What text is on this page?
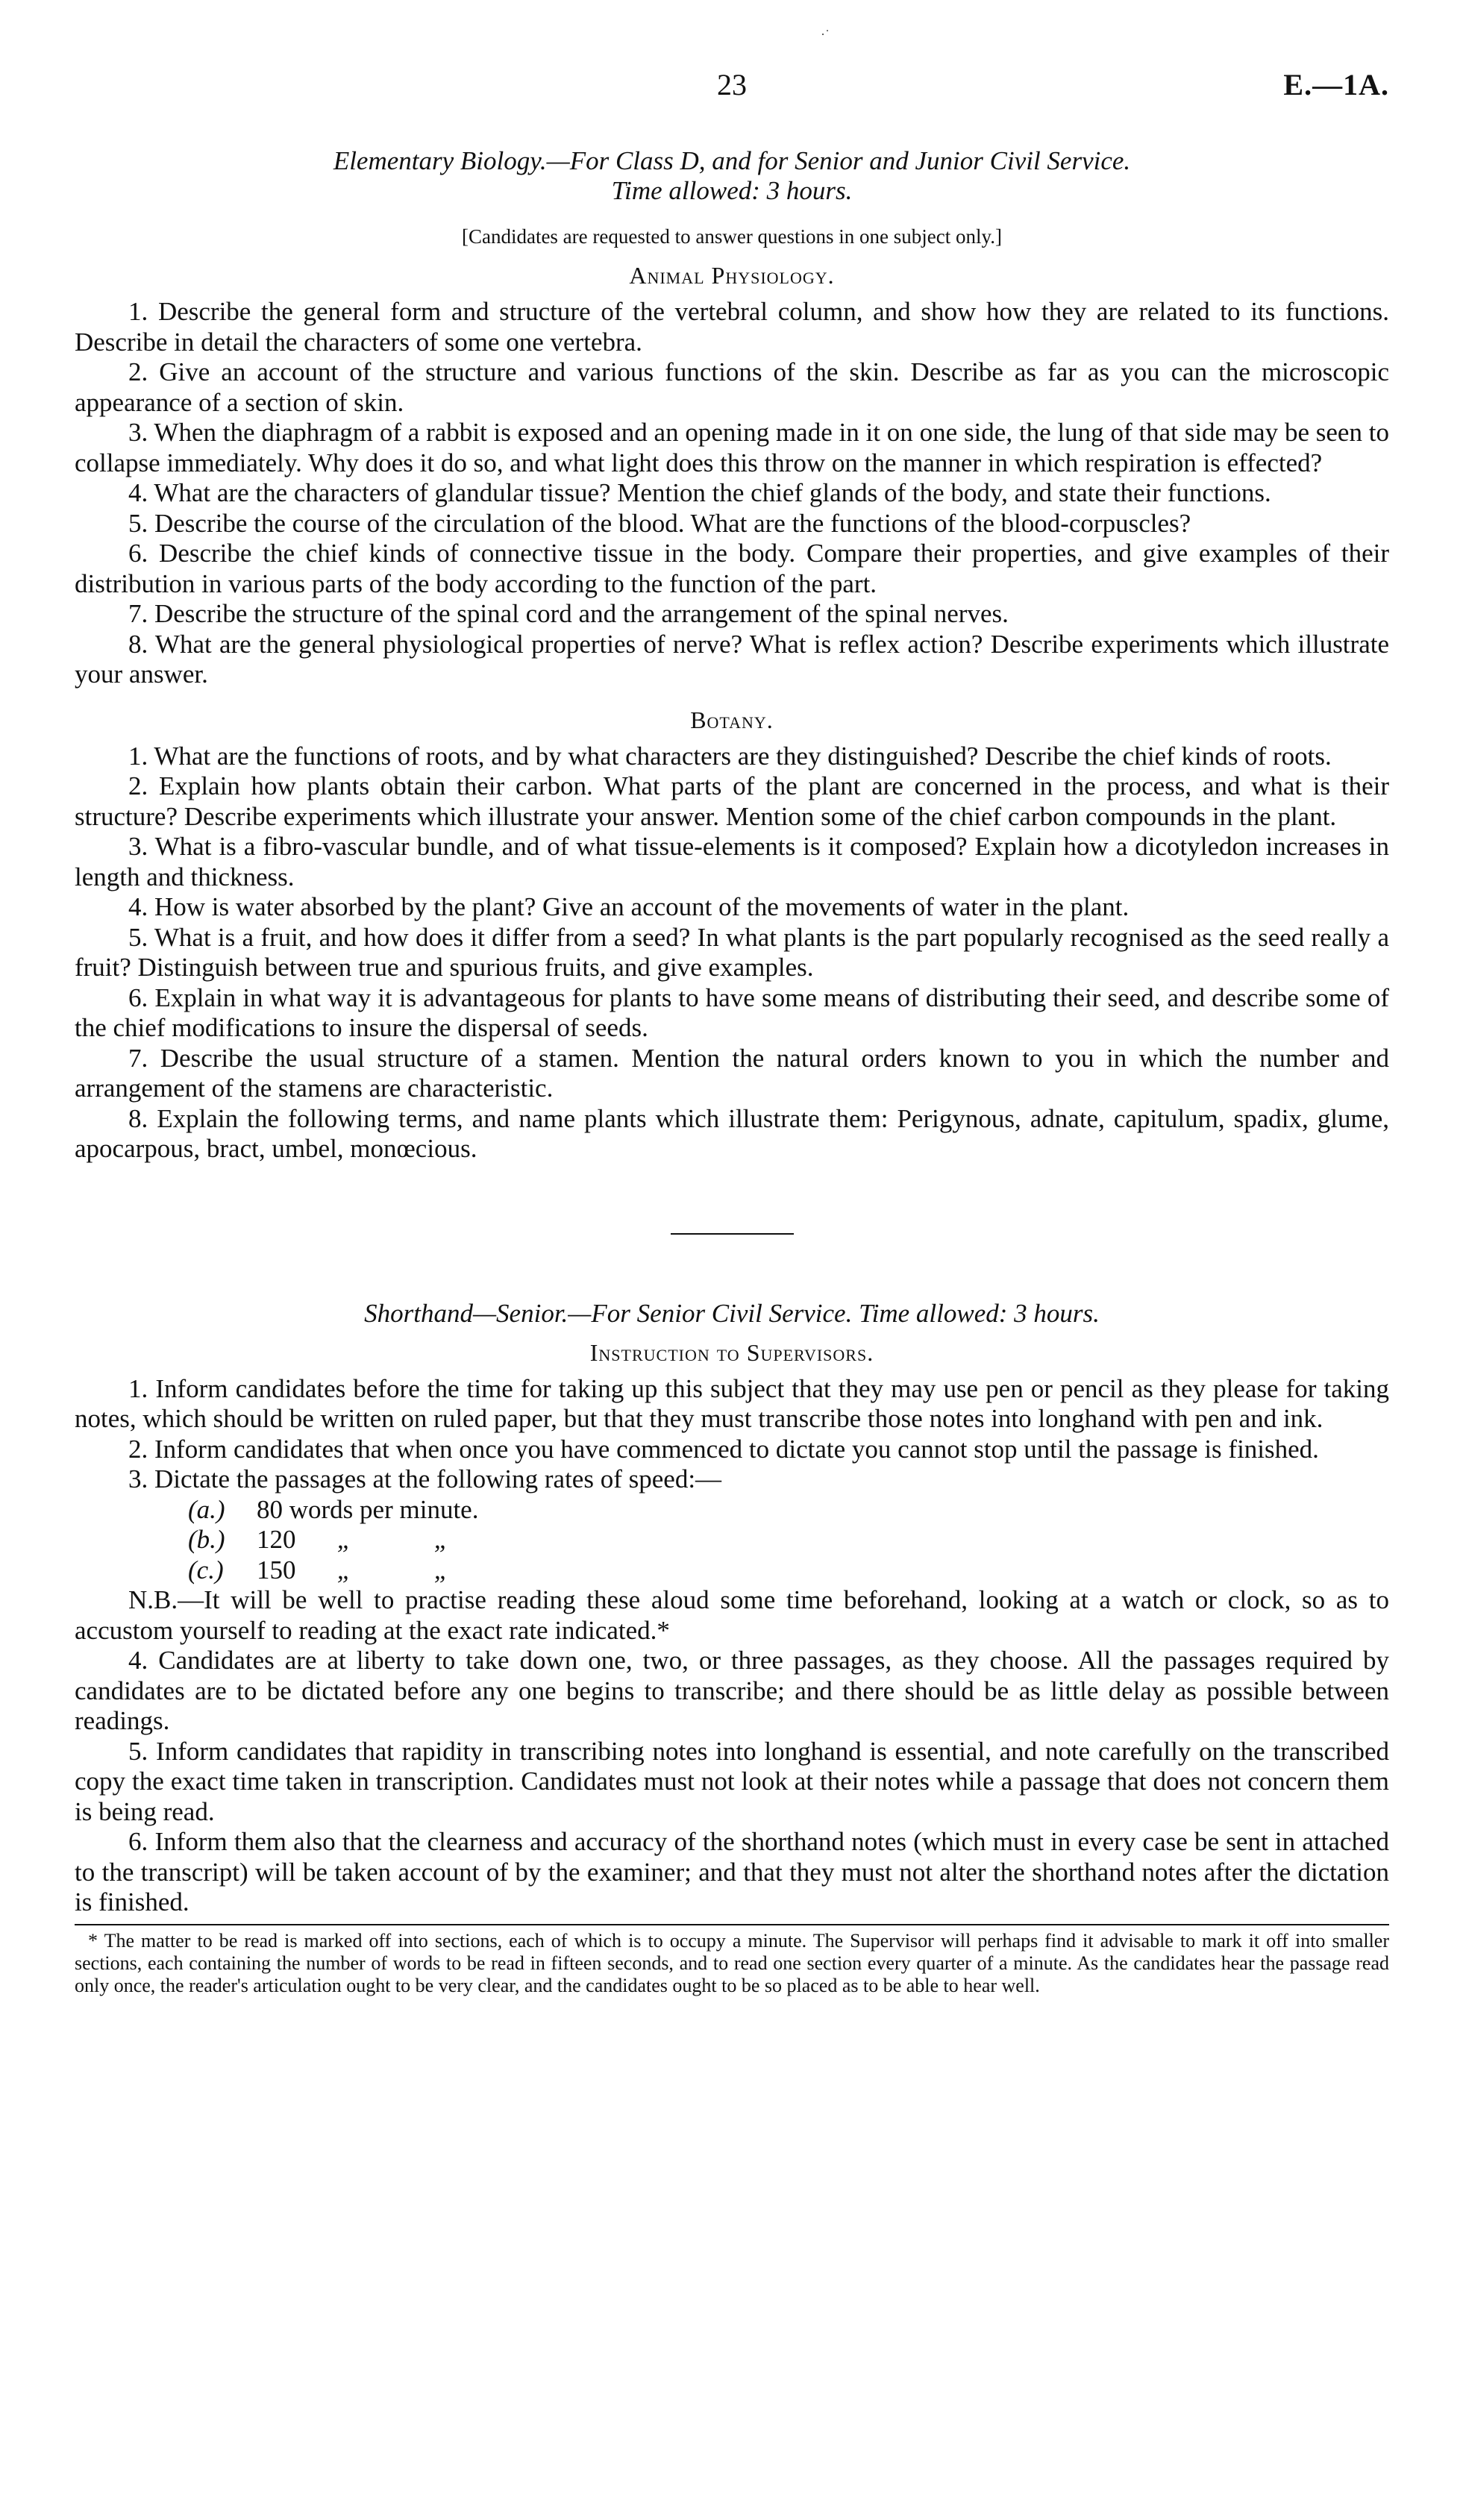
·˙
23	E.—1A.
Elementary Biology.—For Class D, and for Senior and Junior Civil Service.
Time allowed: 3 hours.
[Candidates are requested to answer questions in one subject only.]
Animal Physiology.

1. Describe the general form and structure of the vertebral column, and show how they are related to its functions. Describe in detail the characters of some one vertebra.

2. Give an account of the structure and various functions of the skin. Describe as far as you can the microscopic appearance of a section of skin.

3. When the diaphragm of a rabbit is exposed and an opening made in it on one side, the lung of that side may be seen to collapse immediately. Why does it do so, and what light does this throw on the manner in which respiration is effected?

4. What are the characters of glandular tissue? Mention the chief glands of the body, and state their functions.

5. Describe the course of the circulation of the blood. What are the functions of the blood-corpuscles?

6. Describe the chief kinds of connective tissue in the body. Compare their properties, and give examples of their distribution in various parts of the body according to the function of the part.

7. Describe the structure of the spinal cord and the arrangement of the spinal nerves.

8. What are the general physiological properties of nerve? What is reflex action? Describe experiments which illustrate your answer.

Botany.

1. What are the functions of roots, and by what characters are they distinguished? Describe the chief kinds of roots.

2. Explain how plants obtain their carbon. What parts of the plant are concerned in the process, and what is their structure? Describe experiments which illustrate your answer. Mention some of the chief carbon compounds in the plant.

3. What is a fibro-vascular bundle, and of what tissue-elements is it composed? Explain how a dicotyledon increases in length and thickness.

4. How is water absorbed by the plant? Give an account of the movements of water in the plant.

5. What is a fruit, and how does it differ from a seed? In what plants is the part popularly recognised as the seed really a fruit? Distinguish between true and spurious fruits, and give examples.

6. Explain in what way it is advantageous for plants to have some means of distributing their seed, and describe some of the chief modifications to insure the dispersal of seeds.

7. Describe the usual structure of a stamen. Mention the natural orders known to you in which the number and arrangement of the stamens are characteristic.

8. Explain the following terms, and name plants which illustrate them: Perigynous, adnate, capitulum, spadix, glume, apocarpous, bract, umbel, monœcious.

Shorthand—Senior.—For Senior Civil Service. Time allowed: 3 hours.
Instruction to Supervisors.

1. Inform candidates before the time for taking up this subject that they may use pen or pencil as they please for taking notes, which should be written on ruled paper, but that they must transcribe those notes into longhand with pen and ink.

2. Inform candidates that when once you have commenced to dictate you cannot stop until the passage is finished.

3. Dictate the passages at the following rates of speed:—

(a.) 80 words per minute.
(b.) 120 „	„
(c.) 150 „	„

N.B.—It will be well to practise reading these aloud some time beforehand, looking at a watch or clock, so as to accustom yourself to reading at the exact rate indicated.*

4. Candidates are at liberty to take down one, two, or three passages, as they choose. All the passages required by candidates are to be dictated before any one begins to transcribe; and there should be as little delay as possible between readings.

5. Inform candidates that rapidity in transcribing notes into longhand is essential, and note carefully on the transcribed copy the exact time taken in transcription. Candidates must not look at their notes while a passage that does not concern them is being read.

6. Inform them also that the clearness and accuracy of the shorthand notes (which must in every case be sent in attached to the transcript) will be taken account of by the examiner; and that they must not alter the shorthand notes after the dictation is finished.

* The matter to be read is marked off into sections, each of which is to occupy a minute. The Supervisor will perhaps find it advisable to mark it off into smaller sections, each containing the number of words to be read in fifteen seconds, and to read one section every quarter of a minute. As the candidates hear the passage read only once, the reader's articulation ought to be very clear, and the candidates ought to be so placed as to be able to hear well.
